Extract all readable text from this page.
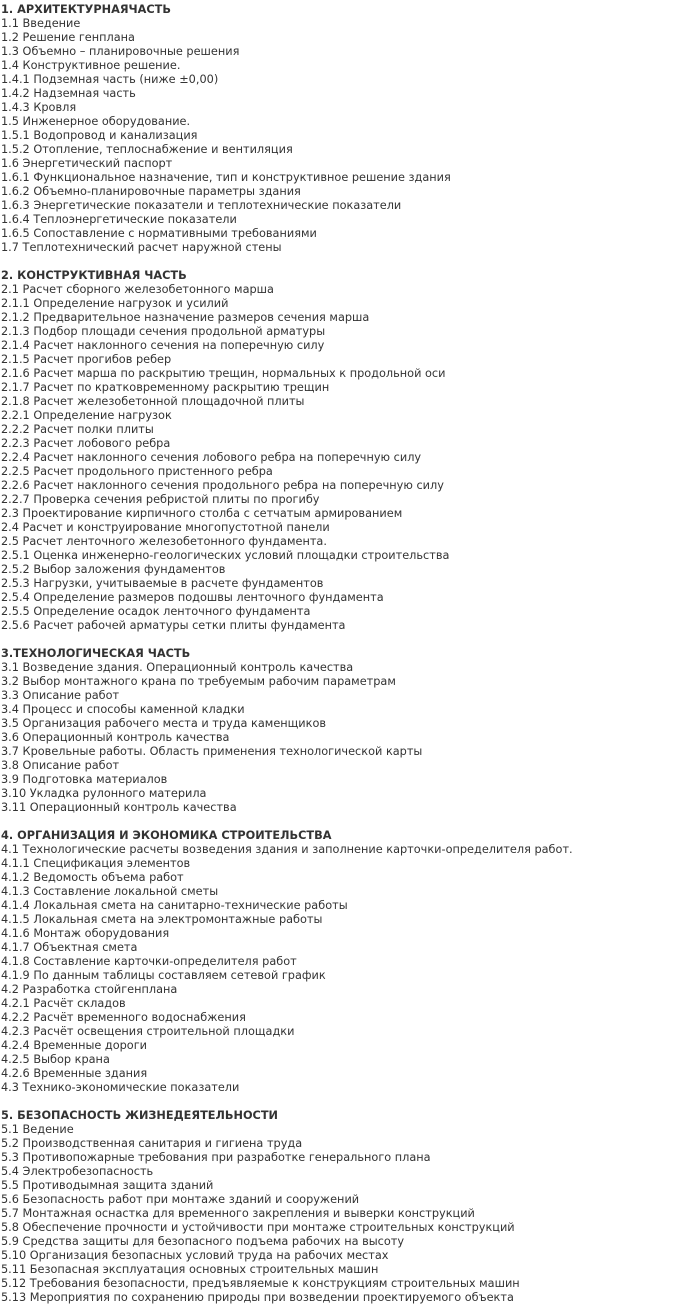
1. АРХИТЕКТУРНАЯЧАСТЬ
1.1 Введение
1.2 Решение генплана
1.3 Объемно – планировочные решения
1.4 Конструктивное решение.
1.4.1 Подземная часть (ниже ±0,00)
1.4.2 Надземная часть
1.4.3 Кровля
1.5 Инженерное оборудование.
1.5.1 Водопровод и канализация
1.5.2 Отопление, теплоснабжение и вентиляция
1.6 Энергетический паспорт
1.6.1 Функциональное назначение, тип и конструктивное решение здания
1.6.2 Объемно-планировочные параметры здания
1.6.3 Энергетические показатели и теплотехнические показатели
1.6.4 Теплоэнергетические показатели
1.6.5 Сопоставление с нормативными требованиями
1.7 Теплотехнический расчет наружной стены
2. КОНСТРУКТИВНАЯ ЧАСТЬ
2.1 Расчет сборного железобетонного марша
2.1.1 Определение нагрузок и усилий
2.1.2 Предварительное назначение размеров сечения марша
2.1.3 Подбор площади сечения продольной арматуры
2.1.4 Расчет наклонного сечения на поперечную силу
2.1.5 Расчет прогибов ребер
2.1.6 Расчет марша по раскрытию трещин, нормальных к продольной оси
2.1.7 Расчет по кратковременному раскрытию трещин
2.1.8 Расчет железобетонной площадочной плиты
2.2.1 Определение нагрузок
2.2.2 Расчет полки плиты
2.2.3 Расчет лобового ребра
2.2.4 Расчет наклонного сечения лобового ребра на поперечную силу
2.2.5 Расчет продольного пристенного ребра
2.2.6 Расчет наклонного сечения продольного ребра на поперечную силу
2.2.7 Проверка сечения ребристой плиты по прогибу
2.3 Проектирование кирпичного столба с сетчатым армированием
2.4 Расчет и конструирование многопустотной панели
2.5 Расчет ленточного железобетонного фундамента.
2.5.1 Оценка инженерно-геологических условий площадки строительства
2.5.2 Выбор заложения фундаментов
2.5.3 Нагрузки, учитываемые в расчете фундаментов
2.5.4 Определение размеров подошвы ленточного фундамента
2.5.5 Определение осадок ленточного фундамента
2.5.6 Расчет рабочей арматуры сетки плиты фундамента
3.ТЕХНОЛОГИЧЕСКАЯ ЧАСТЬ
3.1 Возведение здания. Операционный контроль качества
3.2 Выбор монтажного крана по требуемым рабочим параметрам
3.3 Описание работ
3.4 Процесс и способы каменной кладки
3.5 Организация рабочего места и труда каменщиков
3.6 Операционный контроль качества
3.7 Кровельные работы. Область применения технологической карты
3.8 Описание работ
3.9 Подготовка материалов
3.10 Укладка рулонного материла
3.11 Операционный контроль качества
4. ОРГАНИЗАЦИЯ И ЭКОНОМИКА СТРОИТЕЛЬСТВА
4.1 Технологические расчеты возведения здания и заполнение карточки-определителя работ.
4.1.1 Спецификация элементов
4.1.2 Ведомость объема работ
4.1.3 Составление локальной сметы
4.1.4 Локальная смета на санитарно-технические работы
4.1.5 Локальная смета на электромонтажные работы
4.1.6 Монтаж оборудования
4.1.7 Объектная смета
4.1.8 Составление карточки-определителя работ
4.1.9 По данным таблицы составляем сетевой график
4.2 Разработка стойгенплана
4.2.1 Расчёт складов
4.2.2 Расчёт временного водоснабжения
4.2.3 Расчёт освещения строительной площадки
4.2.4 Временные дороги
4.2.5 Выбор крана
4.2.6 Временные здания
4.3 Технико-экономические показатели
5. БЕЗОПАСНОСТЬ ЖИЗНЕДЕЯТЕЛЬНОСТИ
5.1 Ведение
5.2 Производственная санитария и гигиена труда
5.3 Противопожарные требования при разработке генерального плана
5.4 Электробезопасность
5.5 Противодымная защита зданий
5.6 Безопасность работ при монтаже зданий и сооружений
5.7 Монтажная оснастка для временного закрепления и выверки конструкций
5.8 Обеспечение прочности и устойчивости при монтаже строительных конструкций
5.9 Средства защиты для безопасного подъема рабочих на высоту
5.10 Организация безопасных условий труда на рабочих местах
5.11 Безопасная эксплуатация основных строительных машин
5.12 Требования безопасности, предъявляемые к конструкциям строительных машин
5.13 Мероприятия по сохранению природы при возведении проектируемого объекта
